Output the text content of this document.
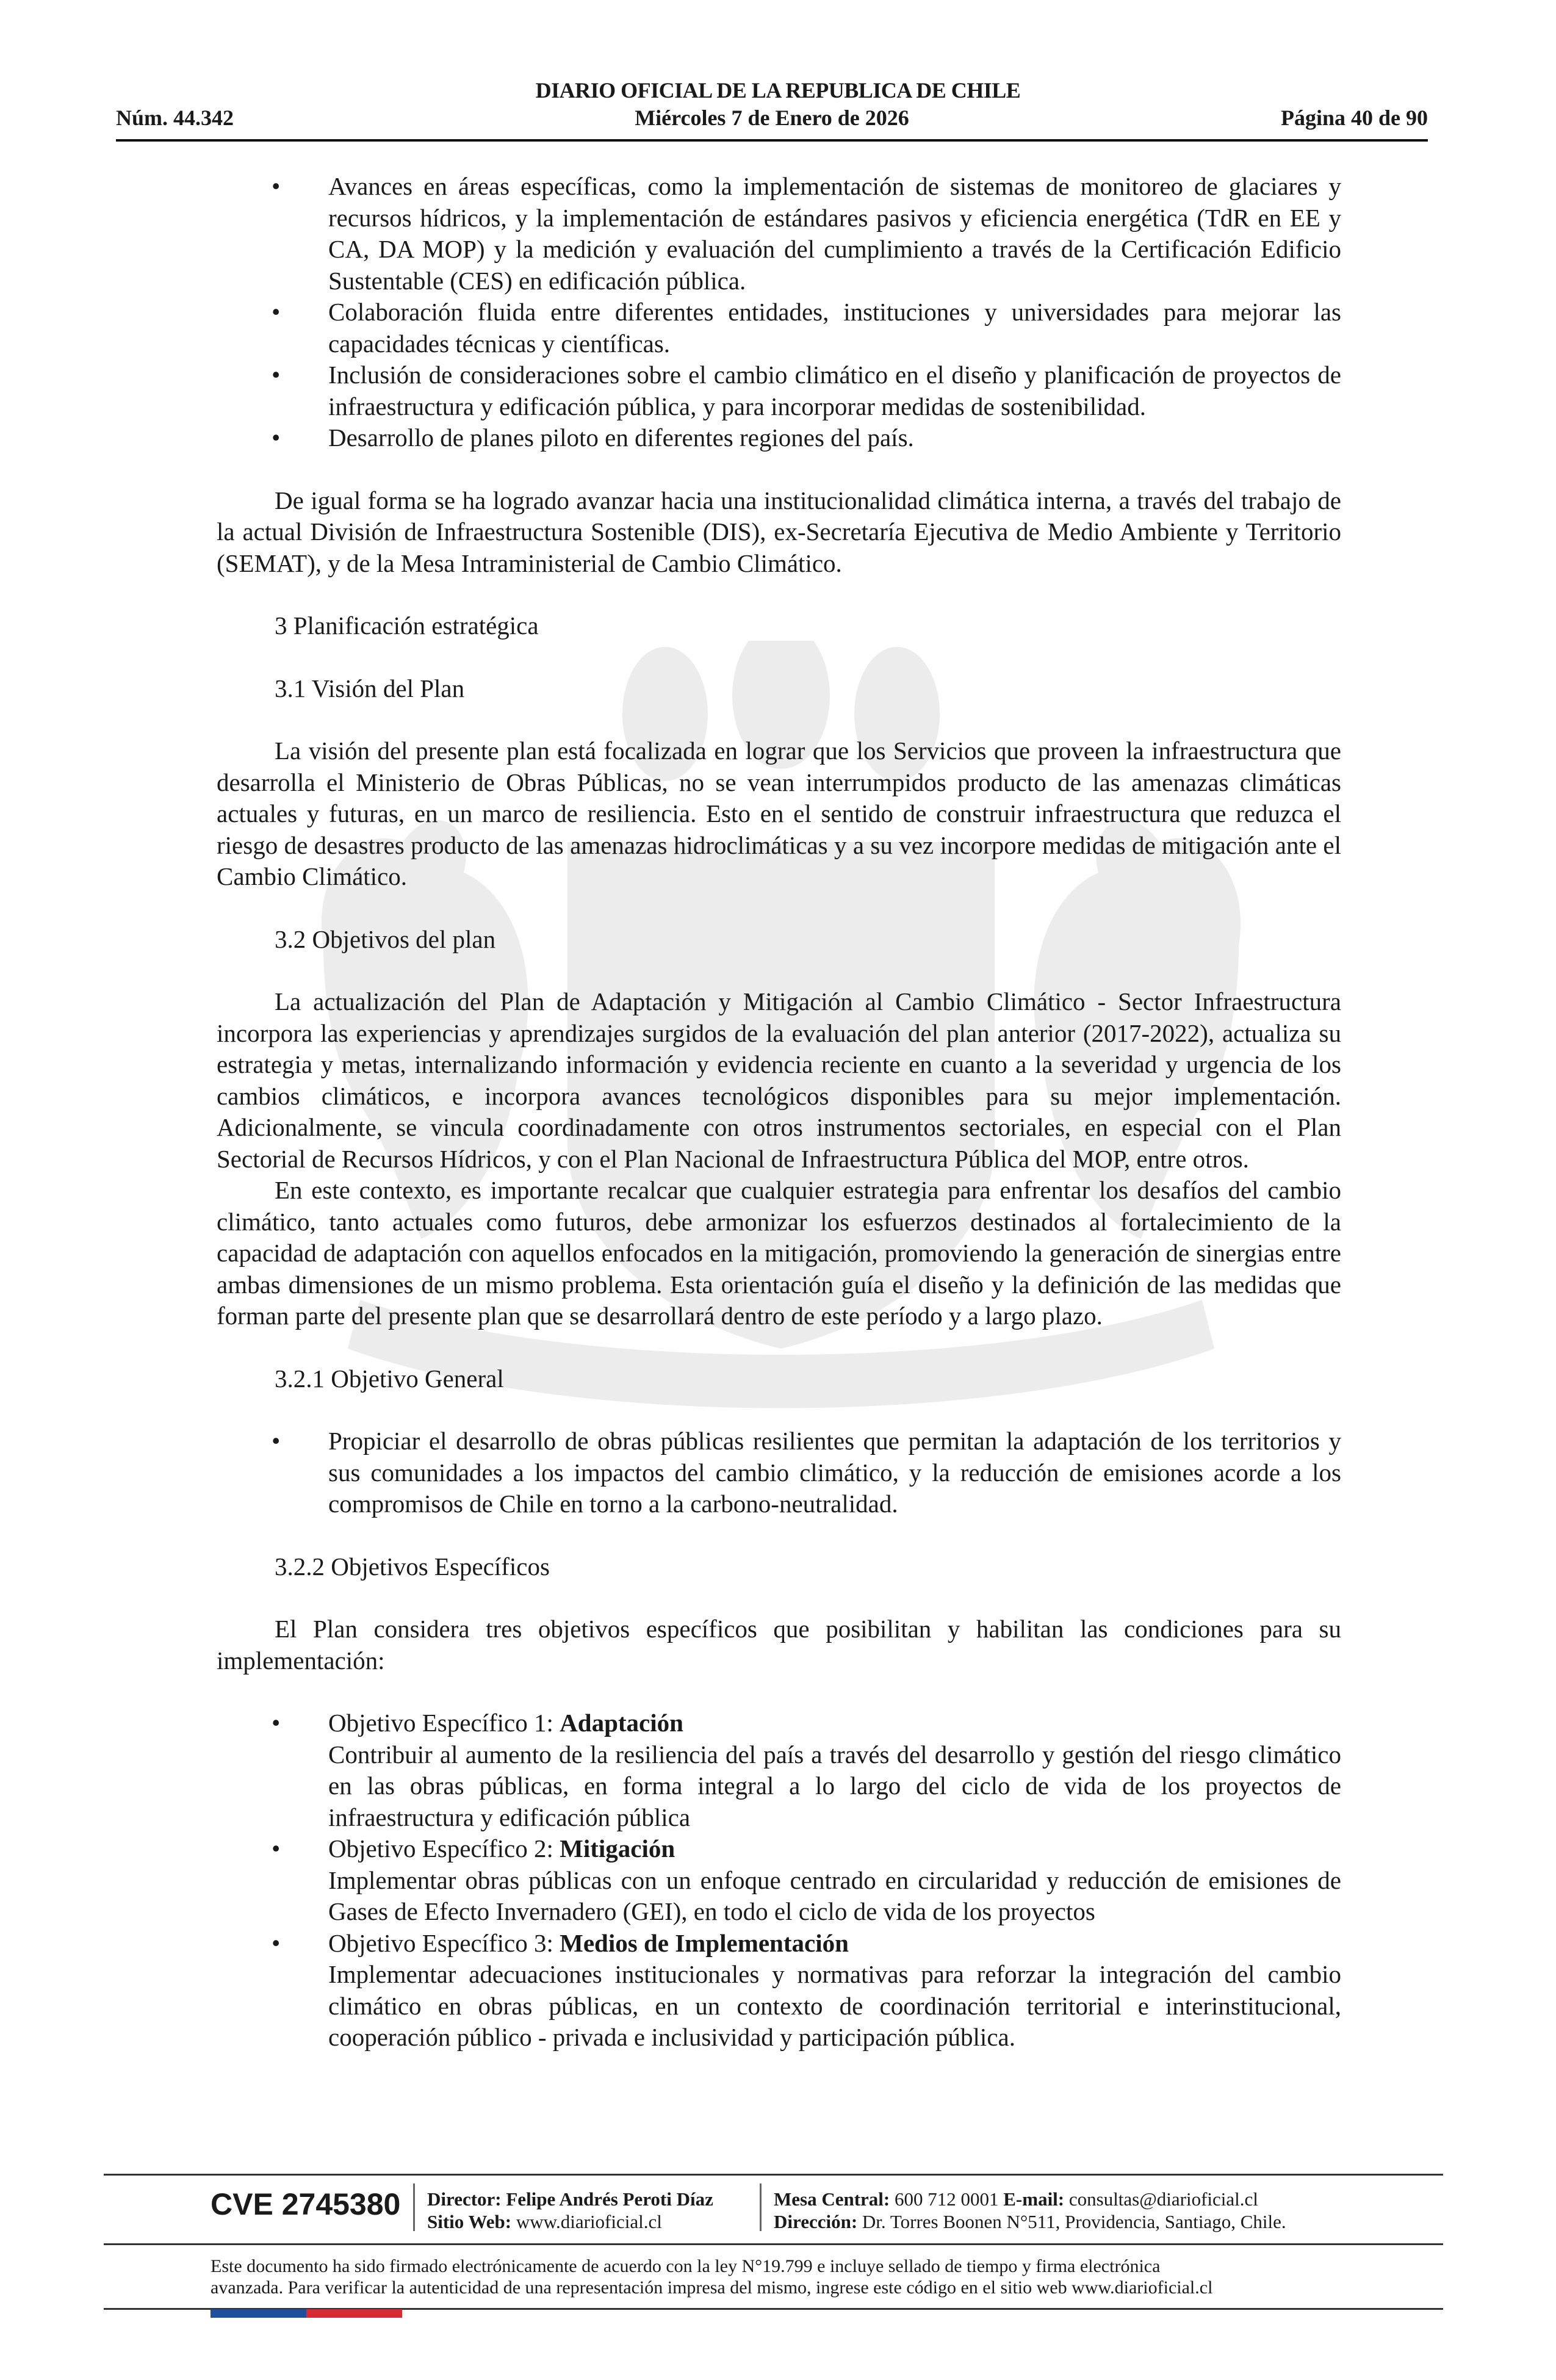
DIARIO OFICIAL DE LA REPUBLICA DE CHILE
Núm. 44.342	Miércoles 7 de Enero de 2026	Página 40 de 90
• Avances en áreas específicas, como la implementación de sistemas de monitoreo de glaciares y recursos hídricos, y la implementación de estándares pasivos y eficiencia energética (TdR en EE y CA, DA MOP) y la medición y evaluación del cumplimiento a través de la Certificación Edificio Sustentable (CES) en edificación pública.
• Colaboración fluida entre diferentes entidades, instituciones y universidades para mejorar las capacidades técnicas y científicas.
• Inclusión de consideraciones sobre el cambio climático en el diseño y planificación de proyectos de infraestructura y edificación pública, y para incorporar medidas de sostenibilidad.
• Desarrollo de planes piloto en diferentes regiones del país.

De igual forma se ha logrado avanzar hacia una institucionalidad climática interna, a través del trabajo de la actual División de Infraestructura Sostenible (DIS), ex-Secretaría Ejecutiva de Medio Ambiente y Territorio (SEMAT), y de la Mesa Intraministerial de Cambio Climático.

3 Planificación estratégica

3.1 Visión del Plan

La visión del presente plan está focalizada en lograr que los Servicios que proveen la infraestructura que desarrolla el Ministerio de Obras Públicas, no se vean interrumpidos producto de las amenazas climáticas actuales y futuras, en un marco de resiliencia. Esto en el sentido de construir infraestructura que reduzca el riesgo de desastres producto de las amenazas hidroclimáticas y a su vez incorpore medidas de mitigación ante el Cambio Climático.

3.2 Objetivos del plan

La actualización del Plan de Adaptación y Mitigación al Cambio Climático - Sector Infraestructura incorpora las experiencias y aprendizajes surgidos de la evaluación del plan anterior (2017-2022), actualiza su estrategia y metas, internalizando información y evidencia reciente en cuanto a la severidad y urgencia de los cambios climáticos, e incorpora avances tecnológicos disponibles para su mejor implementación. Adicionalmente, se vincula coordinadamente con otros instrumentos sectoriales, en especial con el Plan Sectorial de Recursos Hídricos, y con el Plan Nacional de Infraestructura Pública del MOP, entre otros.

En este contexto, es importante recalcar que cualquier estrategia para enfrentar los desafíos del cambio climático, tanto actuales como futuros, debe armonizar los esfuerzos destinados al fortalecimiento de la capacidad de adaptación con aquellos enfocados en la mitigación, promoviendo la generación de sinergias entre ambas dimensiones de un mismo problema. Esta orientación guía el diseño y la definición de las medidas que forman parte del presente plan que se desarrollará dentro de este período y a largo plazo.

3.2.1 Objetivo General

• Propiciar el desarrollo de obras públicas resilientes que permitan la adaptación de los territorios y sus comunidades a los impactos del cambio climático, y la reducción de emisiones acorde a los compromisos de Chile en torno a la carbono-neutralidad.

3.2.2 Objetivos Específicos

El Plan considera tres objetivos específicos que posibilitan y habilitan las condiciones para su implementación:

• Objetivo Específico 1: Adaptación
Contribuir al aumento de la resiliencia del país a través del desarrollo y gestión del riesgo climático en las obras públicas, en forma integral a lo largo del ciclo de vida de los proyectos de infraestructura y edificación pública
• Objetivo Específico 2: Mitigación
Implementar obras públicas con un enfoque centrado en circularidad y reducción de emisiones de Gases de Efecto Invernadero (GEI), en todo el ciclo de vida de los proyectos
• Objetivo Específico 3: Medios de Implementación
Implementar adecuaciones institucionales y normativas para reforzar la integración del cambio climático en obras públicas, en un contexto de coordinación territorial e interinstitucional, cooperación público - privada e inclusividad y participación pública.
CVE 2745380 Director: Felipe Andrés Peroti Díaz
Sitio Web: www.diarioficial.cl
Mesa Central: 600 712 0001 E-mail: consultas@diarioficial.cl
Dirección: Dr. Torres Boonen N°511, Providencia, Santiago, Chile.
Este documento ha sido firmado electrónicamente de acuerdo con la ley N°19.799 e incluye sellado de tiempo y firma electrónica
avanzada. Para verificar la autenticidad de una representación impresa del mismo, ingrese este código en el sitio web www.diarioficial.cl
